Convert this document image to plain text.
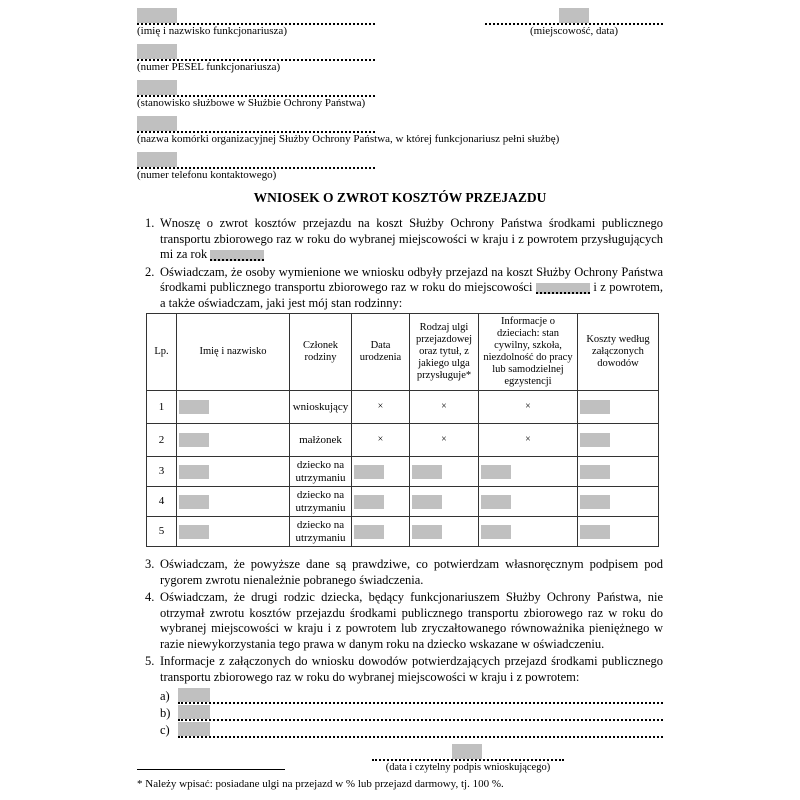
(imię i nazwisko funkcjonariusza)
(numer PESEL funkcjonariusza)
(stanowisko służbowe w Służbie Ochrony Państwa)
(nazwa komórki organizacyjnej Służby Ochrony Państwa, w której funkcjonariusz pełni służbę)
(numer telefonu kontaktowego)
(miejscowość, data)
WNIOSEK O ZWROT KOSZTÓW PRZEJAZDU
1. Wnoszę o zwrot kosztów przejazdu na koszt Służby Ochrony Państwa środkami publicznego transportu zbiorowego raz w roku do wybranej miejscowości w kraju i z powrotem przysługujących mi za rok
2. Oświadczam, że osoby wymienione we wniosku odbyły przejazd na koszt Służby Ochrony Państwa środkami publicznego transportu zbiorowego raz w roku do miejscowości	i z powrotem, a także oświadczam, jaki jest mój stan rodzinny:
Lp.	Imię i nazwisko	Członek rodziny	Data urodzenia	Rodzaj ulgi przejazdowej oraz tytuł, z jakiego ulga przysługuje*	Informacje o dzieciach: stan cywilny, szkoła, niezdolność do pracy lub samodzielnej egzystencji	Koszty według załączonych dowodów
1		wnioskujący	×	×	×	

2		małżonek	×	×	×	

3		dziecko na utrzymaniu	

4		dziecko na utrzymaniu	

5		dziecko na utrzymaniu	

3. Oświadczam, że powyższe dane są prawdziwe, co potwierdzam własnoręcznym podpisem pod rygorem zwrotu nienależnie pobranego świadczenia.
4. Oświadczam, że drugi rodzic dziecka, będący funkcjonariuszem Służby Ochrony Państwa, nie otrzymał zwrotu kosztów przejazdu środkami publicznego transportu zbiorowego raz w roku do wybranej miejscowości w kraju i z powrotem lub zryczałtowanego równoważnika pieniężnego w razie niewykorzystania tego prawa w danym roku na dziecko wskazane w oświadczeniu.
5. Informacje z załączonych do wniosku dowodów potwierdzających przejazd środkami publicznego transportu zbiorowego raz w roku do wybranej miejscowości w kraju i z powrotem:
a)
b)
c)
(data i czytelny podpis wnioskującego)
* Należy wpisać: posiadane ulgi na przejazd w % lub przejazd darmowy, tj. 100 %.
